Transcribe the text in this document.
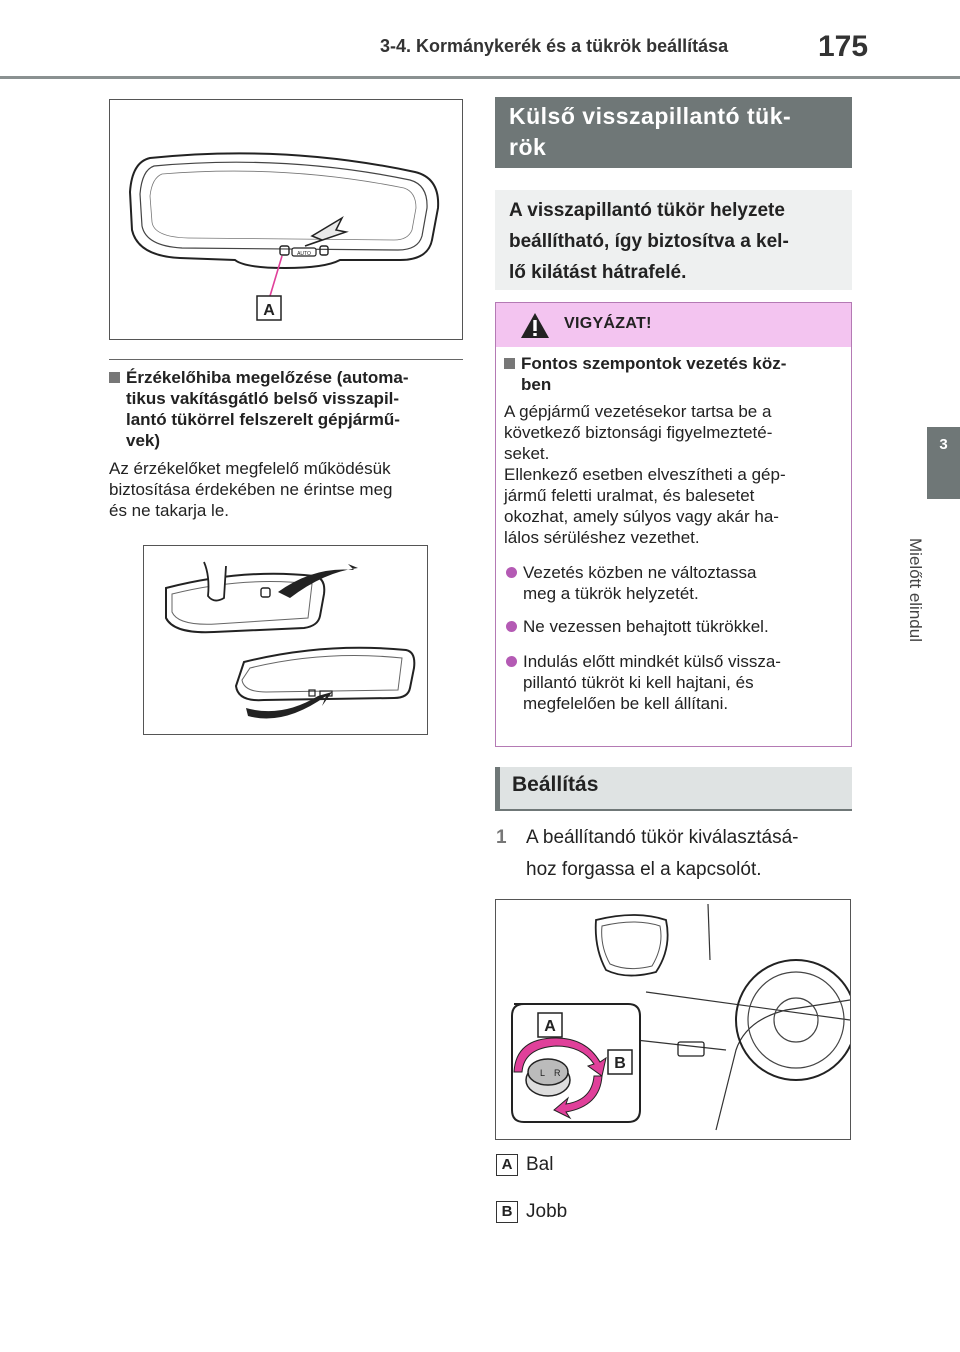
3-4. Kormánykerék és a tükrök beállítása	175
3
Mielőtt elindul
AUTO
A
Érzékelőhiba megelőzése (automa-
tikus vakításgátló belső visszapil-
lantó tükörrel felszerelt gépjármű-
vek)
Az érzékelőket megfelelő működésük
biztosítása érdekében ne érintse meg
és ne takarja le.
Külső visszapillantó tük-
rök
A visszapillantó tükör helyzete
beállítható, így biztosítva a kel-
lő kilátást hátrafelé.
VIGYÁZAT!
Fontos szempontok vezetés köz-
ben
A gépjármű vezetésekor tartsa be a
következő biztonsági figyelmezteté-
seket.
Ellenkező esetben elveszítheti a gép-
jármű feletti uralmat, és balesetet
okozhat, amely súlyos vagy akár ha-
lálos sérüléshez vezethet.
Vezetés közben ne változtassa
meg a tükrök helyzetét.
Ne vezessen behajtott tükrökkel.
Indulás előtt mindkét külső vissza-
pillantó tükröt ki kell hajtani, és
megfelelően be kell állítani.
Beállítás
1	A beállítandó tükör kiválasztásá-
hoz forgassa el a kapcsolót.
L R
A
B
A Bal
B Jobb
